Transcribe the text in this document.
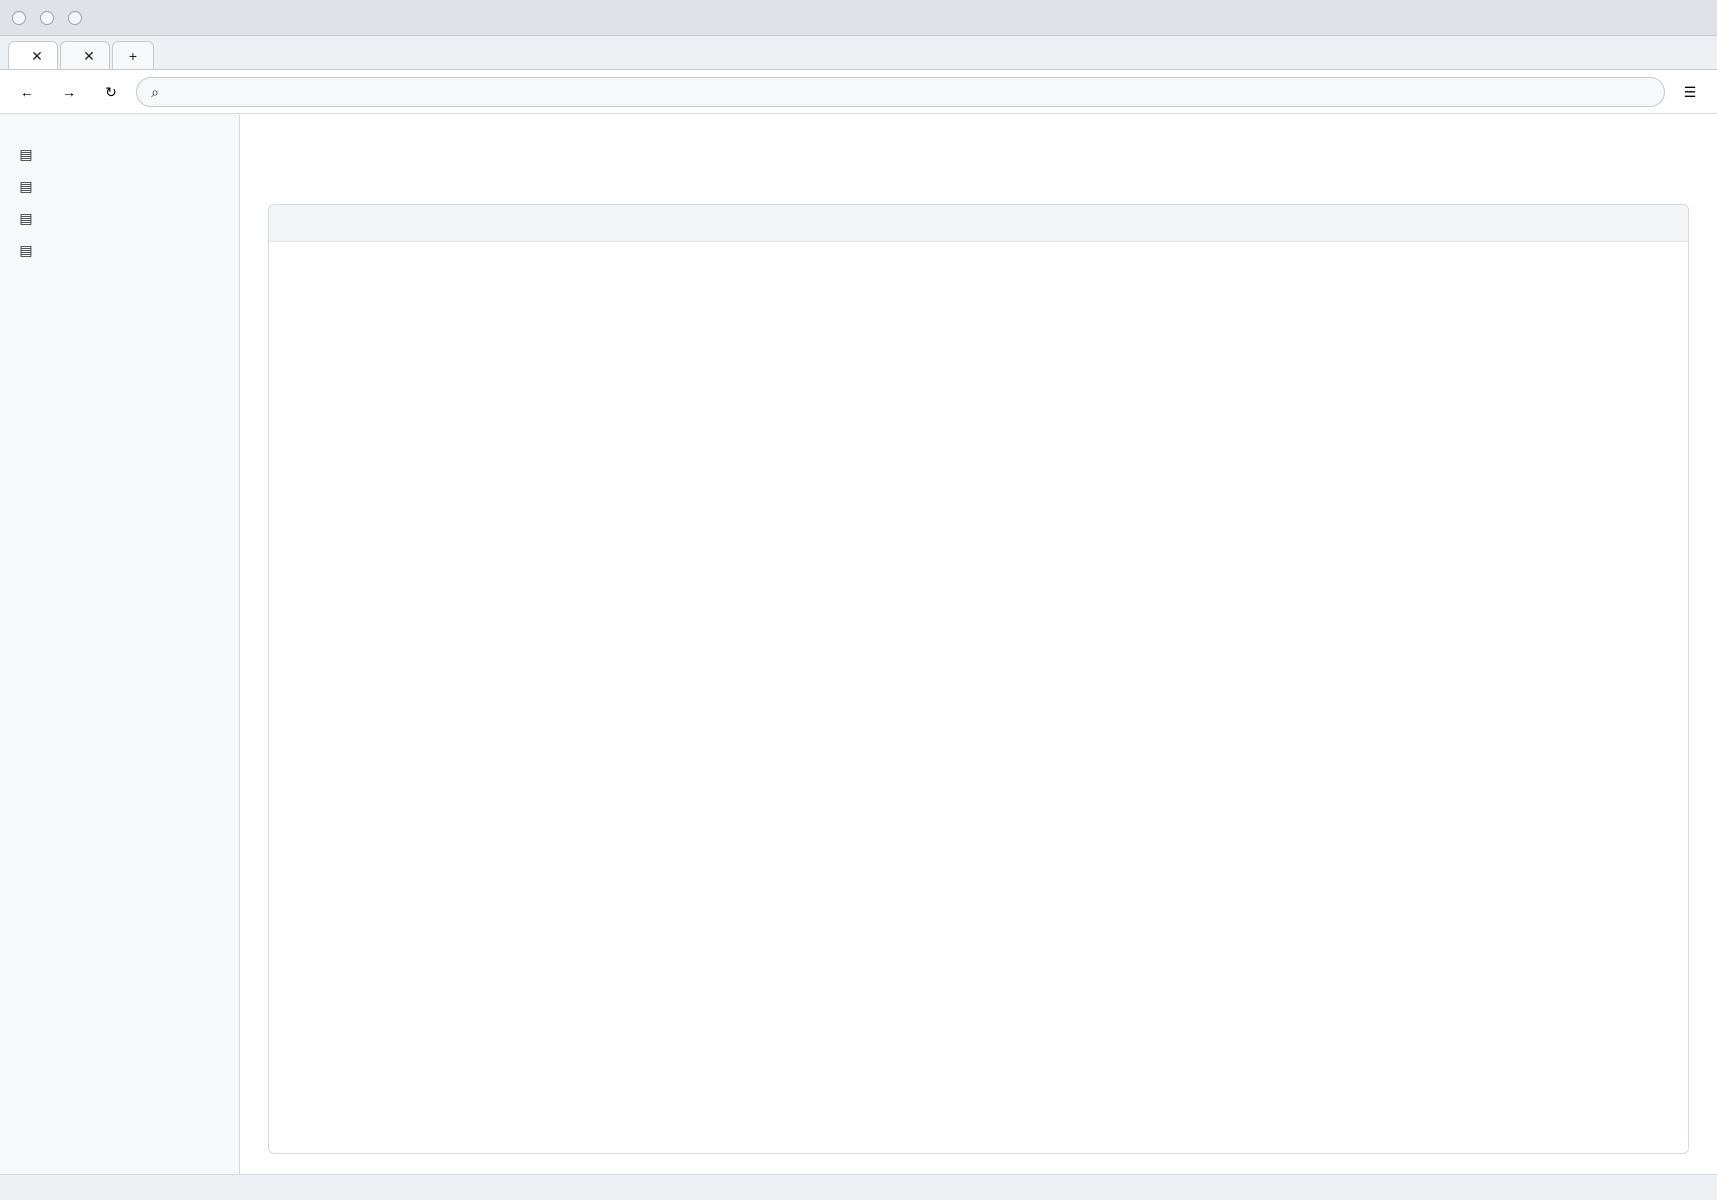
✕	✕ +
← → ↻ ⌕	☰
▤
▤
▤
▤
